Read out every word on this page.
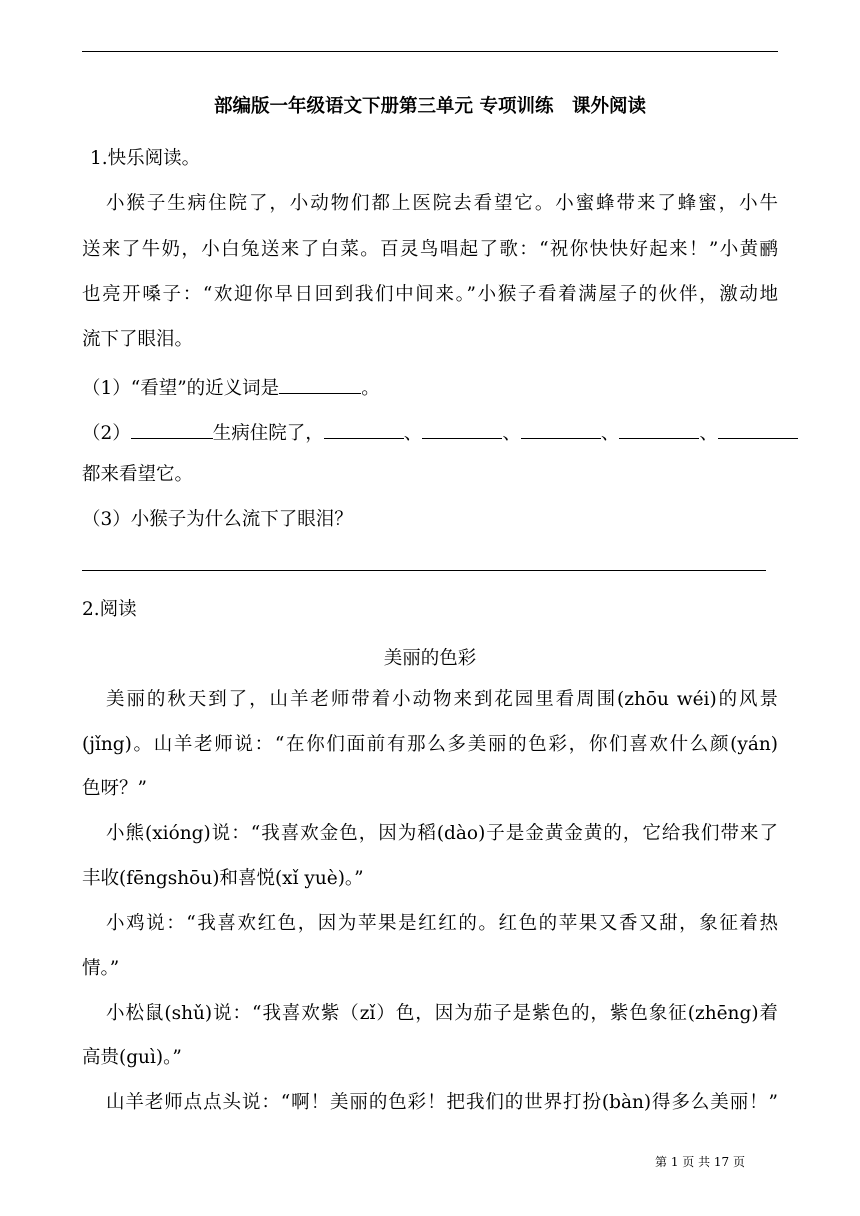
部编版一年级语文下册第三单元 专项训练　课外阅读
1.快乐阅读。
小猴子生病住院了，小动物们都上医院去看望它。小蜜蜂带来了蜂蜜，小牛
送来了牛奶，小白兔送来了白菜。百灵鸟唱起了歌：“祝你快快好起来！”小黄鹂
也亮开嗓子：“欢迎你早日回到我们中间来。”小猴子看着满屋子的伙伴，激动地
流下了眼泪。
（1）“看望”的近义词是	。
（2）	生病住院了，	、	、	、	、
都来看望它。
（3）小猴子为什么流下了眼泪？
2.阅读
美丽的色彩
美丽的秋天到了，山羊老师带着小动物来到花园里看周围(zhōu wéi)的风景
(jǐng)。山羊老师说：“在你们面前有那么多美丽的色彩，你们喜欢什么颜(yán)
色呀？”
小熊(xióng)说：“我喜欢金色，因为稻(dào)子是金黄金黄的，它给我们带来了
丰收(fēngshōu)和喜悦(xǐ yuè)。”
小鸡说：“我喜欢红色，因为苹果是红红的。红色的苹果又香又甜，象征着热
情。”
小松鼠(shǔ)说：“我喜欢紫（zǐ）色，因为茄子是紫色的，紫色象征(zhēng)着
高贵(guì)。”
山羊老师点点头说：“啊！美丽的色彩！把我们的世界打扮(bàn)得多么美丽！”
第 1 页 共 17 页
